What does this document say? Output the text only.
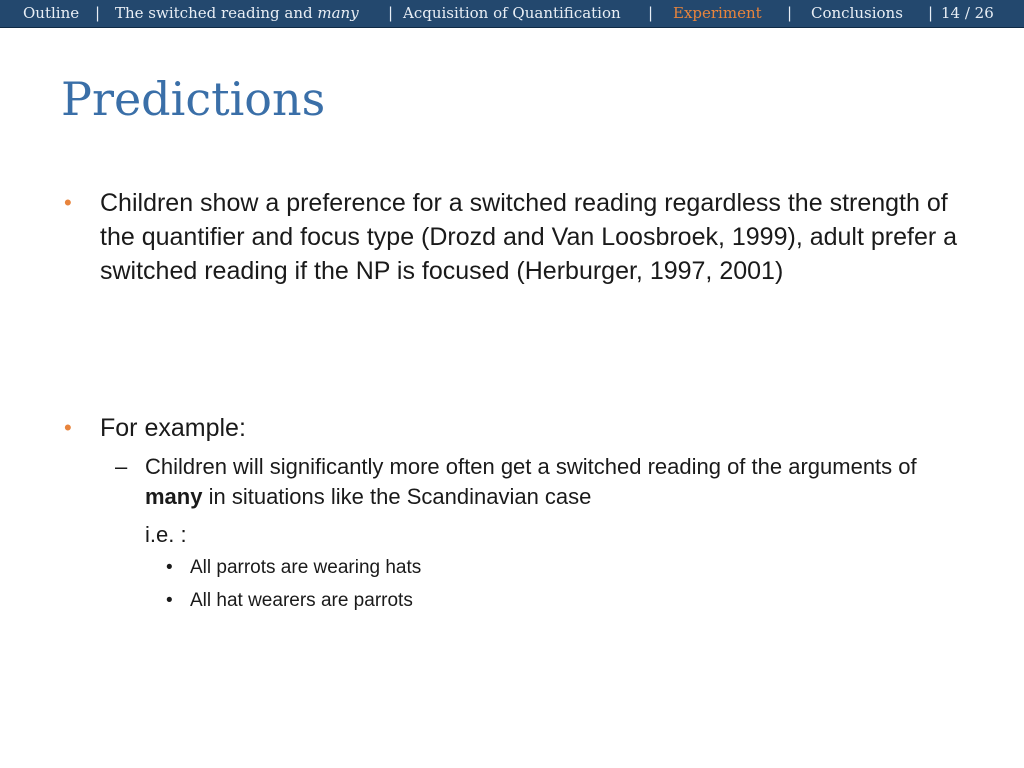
Outline | The switched reading and many | Acquisition of Quantification | Experiment | Conclusions | 14 / 26
Predictions
• Children show a preference for a switched reading regardless the strength of the quantifier and focus type (Drozd and Van Loosbroek, 1999), adult prefer a switched reading if the NP is focused (Herburger, 1997, 2001)
• For example:
– Children will significantly more often get a switched reading of the arguments of many in situations like the Scandinavian case
i.e. :
• All parrots are wearing hats
• All hat wearers are parrots
